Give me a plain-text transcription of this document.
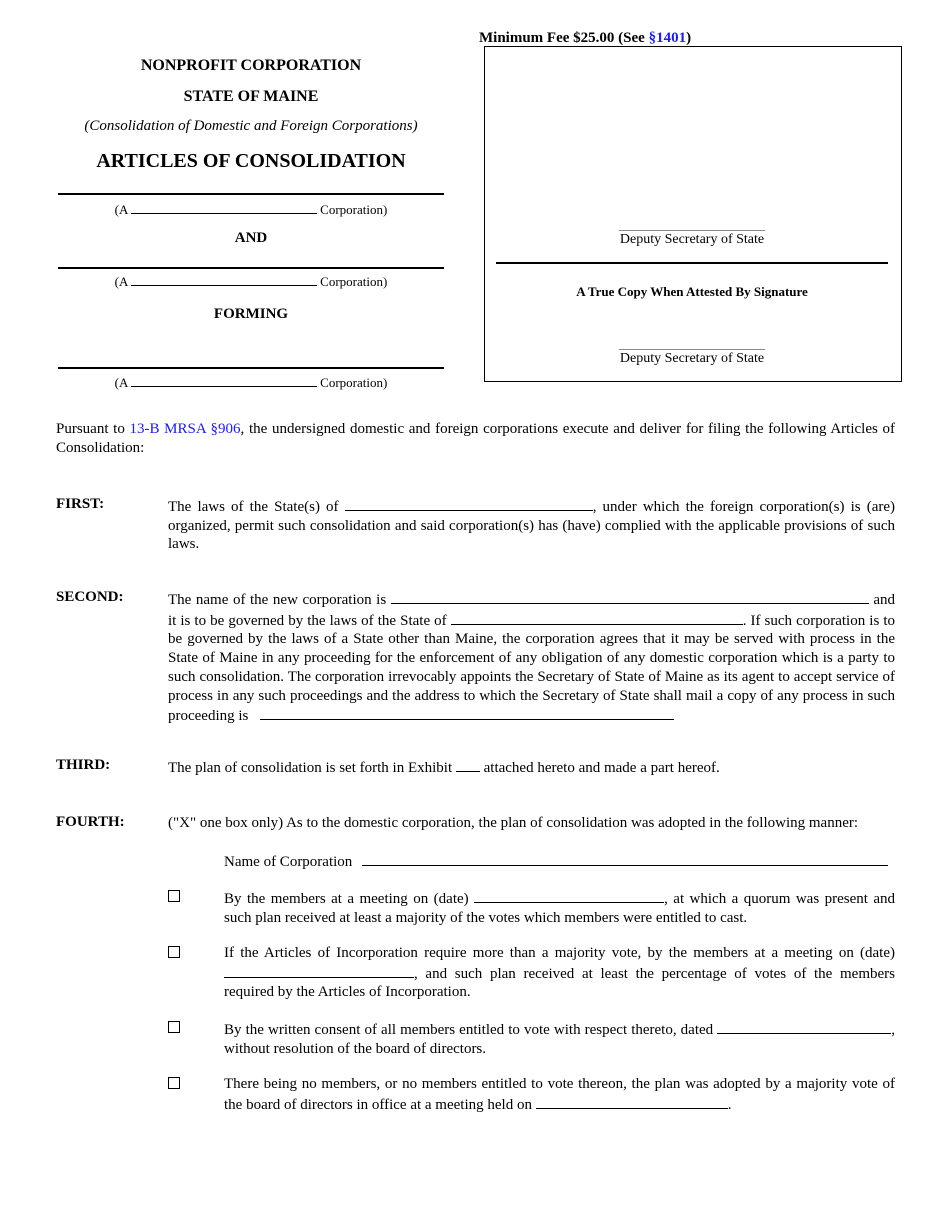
Minimum Fee $25.00 (See §1401)
NONPROFIT CORPORATION
STATE OF MAINE
(Consolidation of Domestic and Foreign Corporations)
ARTICLES OF CONSOLIDATION
(A	Corporation)
AND
(A	Corporation)
FORMING
(A	Corporation)
Deputy Secretary of State
A True Copy When Attested By Signature
Deputy Secretary of State
Pursuant to 13-B MRSA §906, the undersigned domestic and foreign corporations execute and deliver for filing the following Articles of Consolidation:
FIRST:	The laws of the State(s) of	, under which the foreign corporation(s) is (are) organized, permit such consolidation and said corporation(s) has (have) complied with the applicable provisions of such laws.
SECOND:	The name of the new corporation is	and it is to be governed by the laws of the State of	. If such corporation is to be governed by the laws of a State other than Maine, the corporation agrees that it may be served with process in the State of Maine in any proceeding for the enforcement of any obligation of any domestic corporation which is a party to such consolidation. The corporation irrevocably appoints the Secretary of State of Maine as its agent to accept service of process in any such proceedings and the address to which the Secretary of State shall mail a copy of any process in such proceeding is
THIRD:	The plan of consolidation is set forth in Exhibit attached hereto and made a part hereof.
FOURTH:	("X" one box only) As to the domestic corporation, the plan of consolidation was adopted in the following manner:
Name of Corporation
By the members at a meeting on (date)	, at which a quorum was present and such plan received at least a majority of the votes which members were entitled to cast.
If the Articles of Incorporation require more than a majority vote, by the members at a meeting on (date) , and such plan received at least the percentage of votes of the members required by the Articles of Incorporation.
By the written consent of all members entitled to vote with respect thereto, dated	, without resolution of the board of directors.
There being no members, or no members entitled to vote thereon, the plan was adopted by a majority vote of the board of directors in office at a meeting held on	.
